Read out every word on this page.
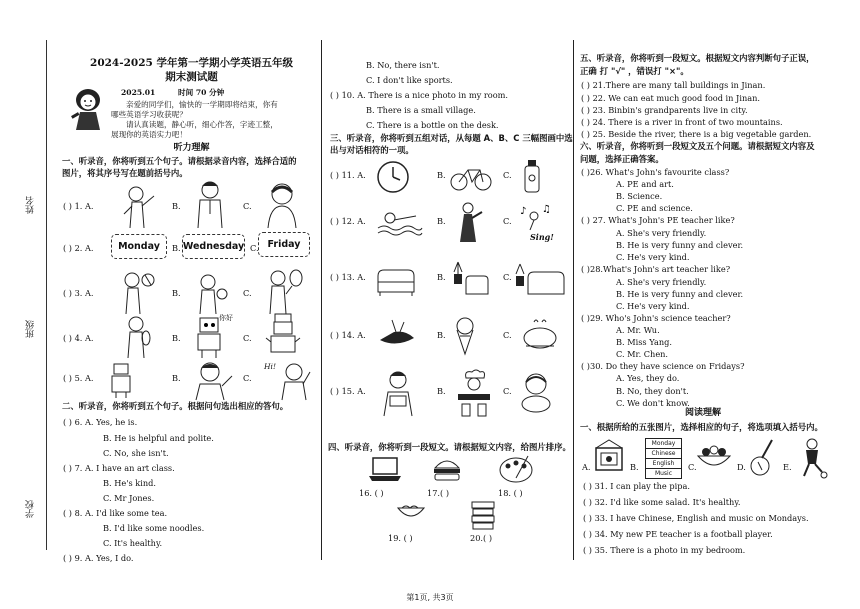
姓名
班级
学校
2024-2025 学年第一学期小学英语五年级
期末测试题
2025.01	时间 70 分钟
亲爱的同学们，愉快的一学期即将结束，你有
哪些英语学习收获呢？
请认真读题，静心听，细心作答，字迹工整，
展现你的英语实力吧！
听力理解
一、听录音，你将听到五个句子。请根据录音内容，选择合适的
图片，将其序号写在题前括号内。
( ) 1. A.	B.	C.
( ) 2. A.	Monday	B. Wednesday C. Friday
( ) 3. A.	B.	C.
( ) 4. A.	B.
你好
C.
( ) 5. A.	B.	C.
Hi!
二、听录音，你将听到五个句子。根据问句选出相应的答句。
( ) 6. A. Yes, he is.
B. He is helpful and polite.
C. No, she isn't.
( ) 7. A. I have an art class.
B. He's kind.
C. Mr Jones.
( ) 8. A. I'd like some tea.
B. I'd like some noodles.
C. It's healthy.
( ) 9. A. Yes, I do.
B. No, there isn't.
C. I don't like sports.
( ) 10. A. There is a nice photo in my room.
B. There is a small village.
C. There is a bottle on the desk.
三、听录音，你将听到五组对话，从每题 A、B、C 三幅图画中选
出与对话相符的一项。
( ) 11. A.	B.	C.
( ) 12. A.	B.	C.
♪ ♫
Sing!
( ) 13. A.	B.	C.
( ) 14. A.	B.	C.
( ) 15. A.	B.	C.
四、听录音，你将听到一段短文。请根据短文内容，给图片排序。
16. ( )	17.( )	18. ( )
19. ( )	20.( )
五、听录音，你将听到一段短文。根据短文内容判断句子正误，
正确 打 "√" ，错误打 "×"。
( ) 21.There are many tall buildings in Jinan.
( ) 22. We can eat much good food in Jinan.
( ) 23. Binbin's grandparents live in city.
( ) 24. There is a river in front of two mountains.
( ) 25. Beside the river, there is a big vegetable garden.
六、听录音，你将听到一段短文及五个问题。请根据短文内容及
问题，选择正确答案。
( )26. What's John's favourite class?
A. PE and art.
B. Science.
C. PE and science.
( ) 27. What's John's PE teacher like?
A. She's very friendly.
B. He is very funny and clever.
C. He's very kind.
( )28.What's John's art teacher like?
A. She's very friendly.
B. He is very funny and clever.
C. He's very kind.
( )29. Who's John's science teacher?
A. Mr. Wu.
B. Miss Yang.
C. Mr. Chen.
( )30. Do they have science on Fridays?
A. Yes, they do.
B. No, they don't.
C. We don't know.
阅读理解
一、根据所给的五张图片，选择相应的句子，将选项填入括号内。
A.	B.
Monday
Chinese
English
Music
C.	D.	E.
( ) 31. I can play the pipa.
( ) 32. I'd like some salad. It's healthy.
( ) 33. I have Chinese, English and music on Mondays.
( ) 34. My new PE teacher is a football player.
( ) 35. There is a photo in my bedroom.
第1页, 共3页
